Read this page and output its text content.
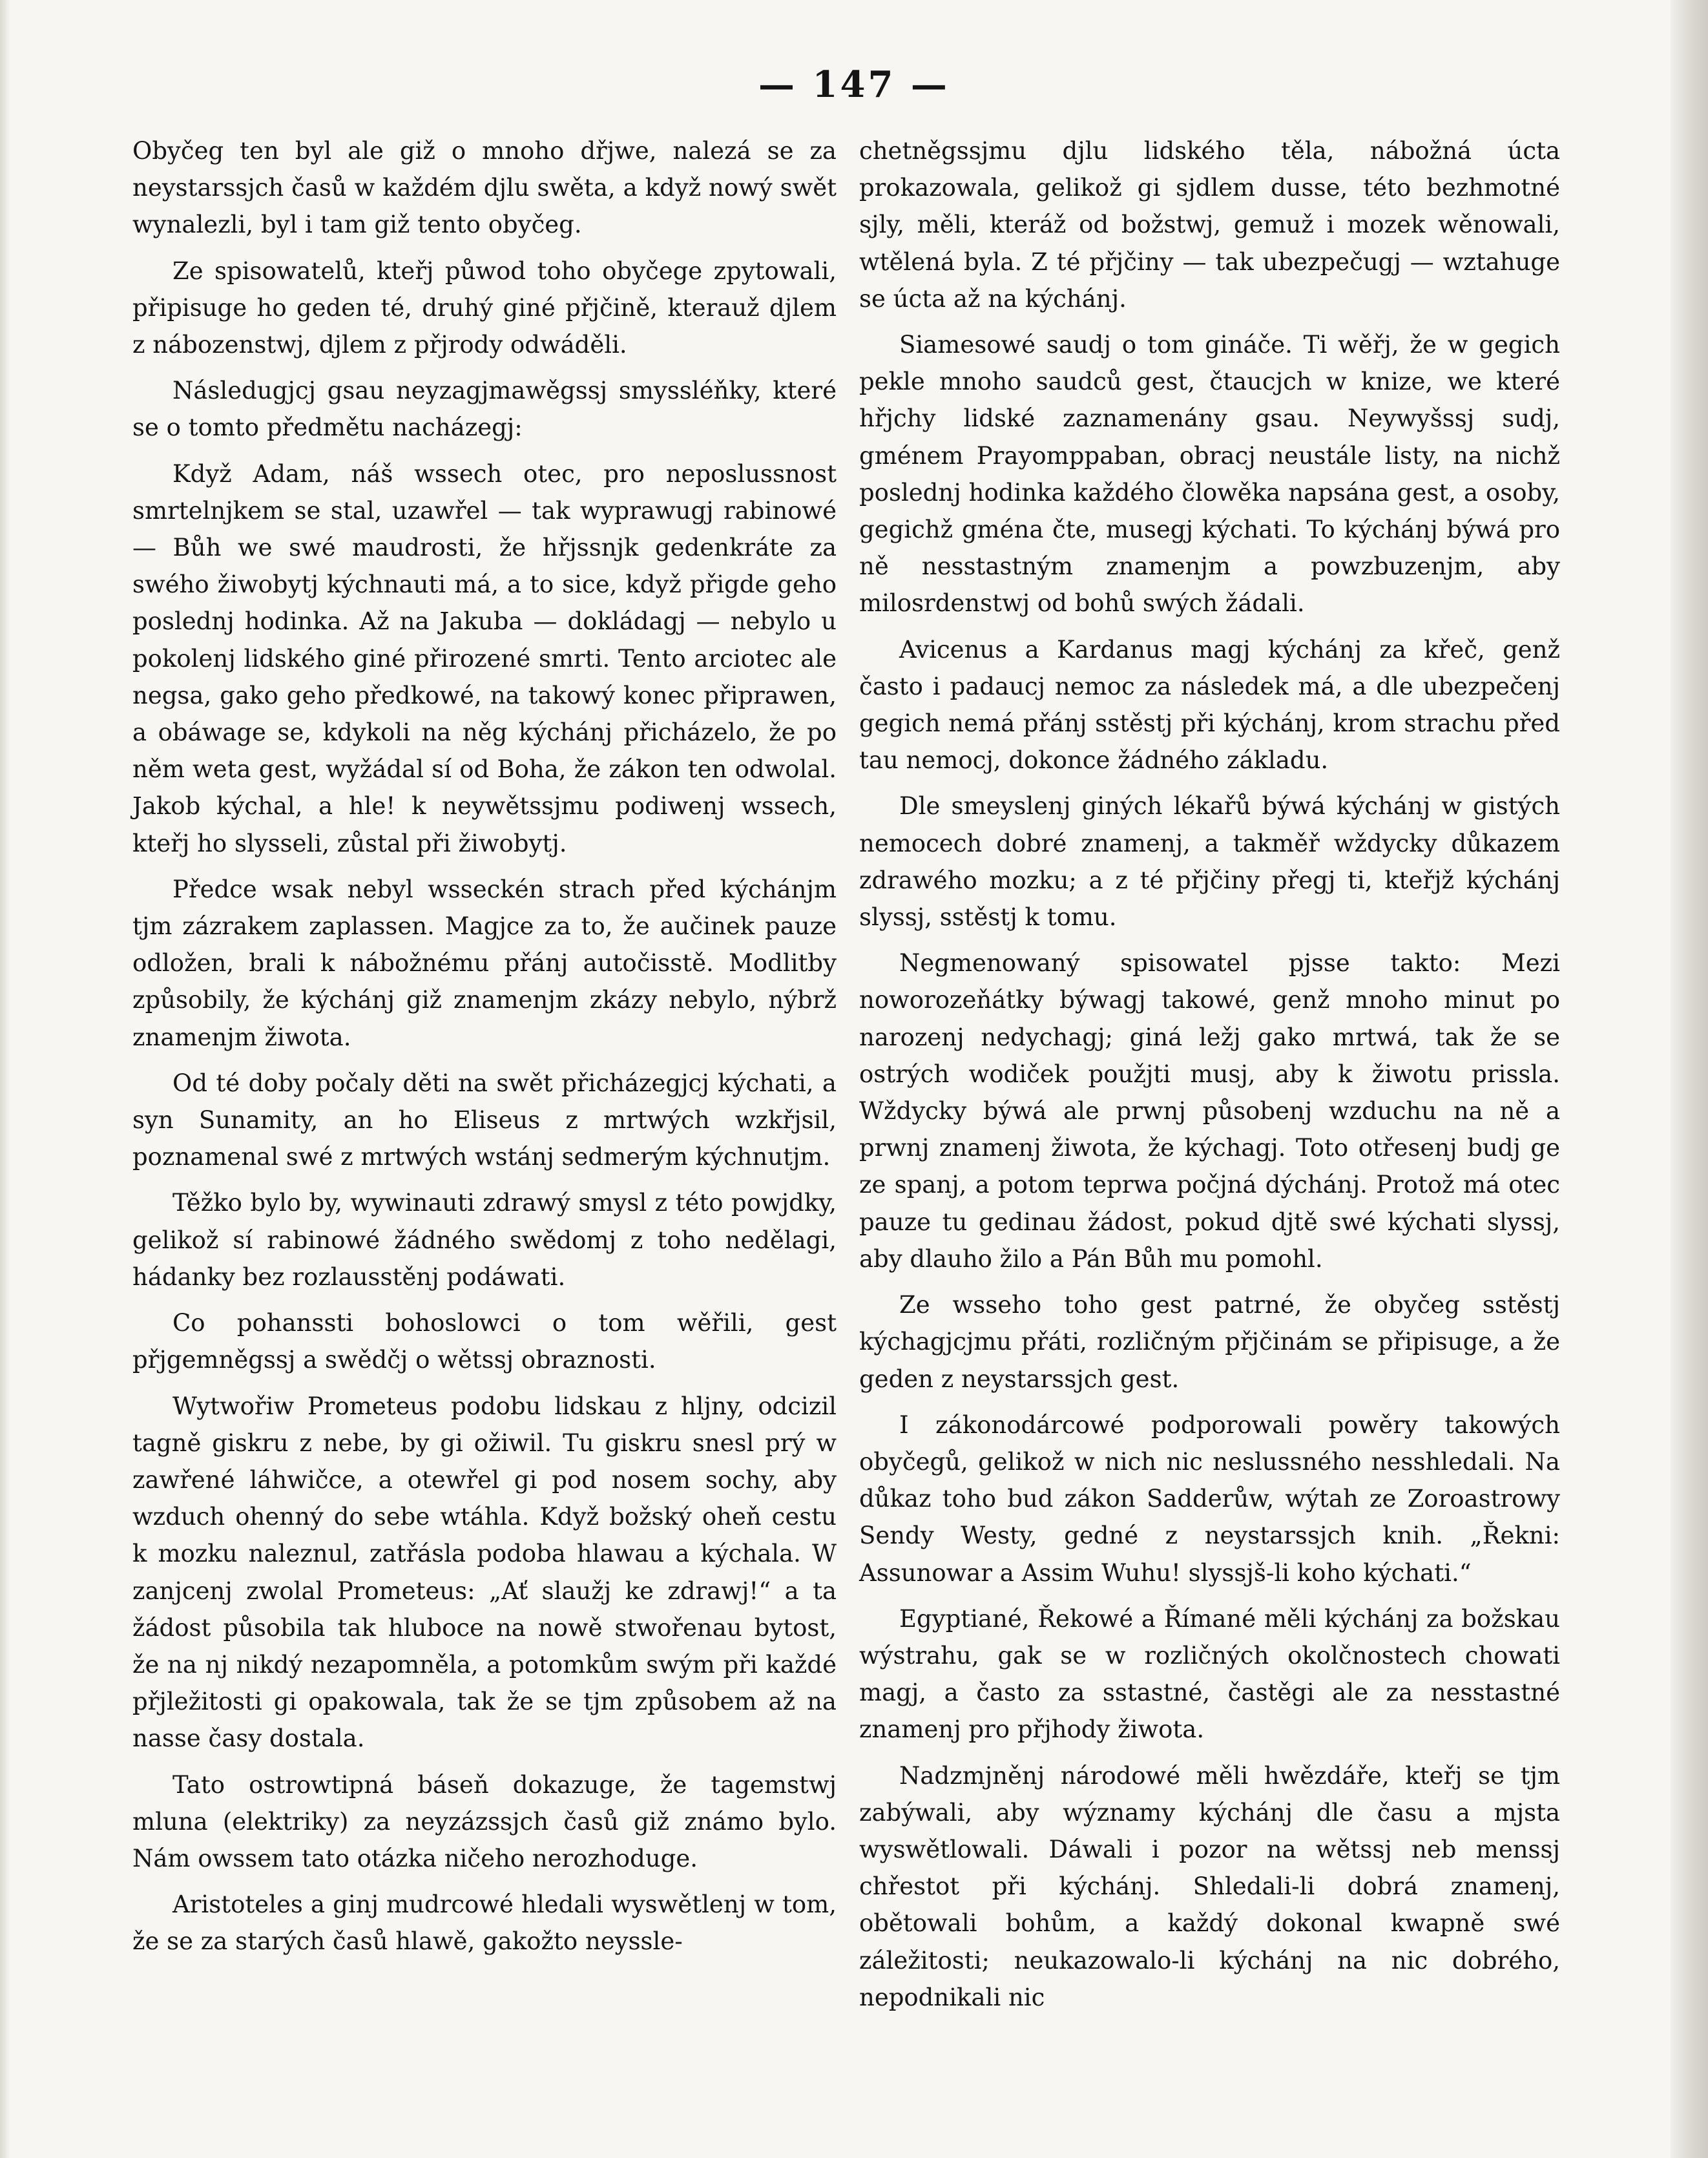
— 147 —

Obyčeg ten byl ale giž o mnoho dřjwe, nalezá se za neystarssjch časů w každém djlu swěta, a když nowý swět wynalezli, byl i tam giž tento obyčeg.

Ze spisowatelů, kteřj půwod toho obyčege zpytowali, připisuge ho geden té, druhý giné přjčině, kterauž djlem z nábozenstwj, djlem z přjrody odwáděli.

Následugjcj gsau neyzagjmawěgssj smyssléňky, které se o tomto předmětu nacházegj:

Když Adam, náš wssech otec, pro neposlussnost smrtelnjkem se stal, uzawřel — tak wyprawugj rabinowé — Bůh we swé maudrosti, že hřjssnjk gedenkráte za swého žiwobytj kýchnauti má, a to sice, když přigde geho poslednj hodinka. Až na Jakuba — dokládagj — nebylo u pokolenj lidského giné přirozené smrti. Tento arciotec ale negsa, gako geho předkowé, na takowý konec připrawen, a obáwage se, kdykoli na něg kýchánj přicházelo, že po něm weta gest, wyžádal sí od Boha, že zákon ten odwolal. Jakob kýchal, a hle! k neywětssjmu podiwenj wssech, kteřj ho slysseli, zůstal při žiwobytj.

Předce wsak nebyl wsseckén strach před kýchánjm tjm zázrakem zaplassen. Magjce za to, že aučinek pauze odložen, brali k nábožnému přánj autočisstě. Modlitby způsobily, že kýchánj giž znamenjm zkázy nebylo, nýbrž znamenjm žiwota.

Od té doby počaly děti na swět přicházegjcj kýchati, a syn Sunamity, an ho Eliseus z mrtwých wzkřjsil, poznamenal swé z mrtwých wstánj sedmerým kýchnutjm.

Těžko bylo by, wywinauti zdrawý smysl z této powjdky, gelikož sí rabinowé žádného swědomj z toho nedělagi, hádanky bez rozlausstěnj podáwati.

Co pohanssti bohoslowci o tom wěřili, gest přjgemněgssj a swědčj o wětssj obraznosti.

Wytwořiw Prometeus podobu lidskau z hljny, odcizil tagně giskru z nebe, by gi ožiwil. Tu giskru snesl prý w zawřené láhwičce, a otewřel gi pod nosem sochy, aby wzduch ohenný do sebe wtáhla. Když božský oheň cestu k mozku naleznul, zatřásla podoba hlawau a kýchala. W zanjcenj zwolal Prometeus: „Ať slaužj ke zdrawj!“ a ta žádost působila tak hluboce na nowě stwořenau bytost, že na nj nikdý nezapomněla, a potomkům swým při každé přjležitosti gi opakowala, tak že se tjm způsobem až na nasse časy dostala.

Tato ostrowtipná báseň dokazuge, že tagemstwj mluna (elektriky) za neyzázssjch časů giž známo bylo. Nám owssem tato otázka ničeho nerozhoduge.

Aristoteles a ginj mudrcowé hledali wyswětlenj w tom, že se za starých časů hlawě, gakožto neyssle-

chetněgssjmu djlu lidského těla, nábožná úcta prokazowala, gelikož gi sjdlem dusse, této bezhmotné sjly, měli, kteráž od božstwj, gemuž i mozek wěnowali, wtělená byla. Z té přjčiny — tak ubezpečugj — wztahuge se úcta až na kýchánj.

Siamesowé saudj o tom gináče. Ti wěřj, že w gegich pekle mnoho saudců gest, čtaucjch w knize, we které hřjchy lidské zaznamenány gsau. Neywyšssj sudj, gménem Prayomppaban, obracj neustále listy, na nichž poslednj hodinka každého člowěka napsána gest, a osoby, gegichž gména čte, musegj kýchati. To kýchánj býwá pro ně nesstastným znamenjm a powzbuzenjm, aby milosrdenstwj od bohů swých žádali.

Avicenus a Kardanus magj kýchánj za křeč, genž často i padaucj nemoc za následek má, a dle ubezpečenj gegich nemá přánj sstěstj při kýchánj, krom strachu před tau nemocj, dokonce žádného základu.

Dle smeyslenj giných lékařů býwá kýchánj w gistých nemocech dobré znamenj, a takměř wždycky důkazem zdrawého mozku; a z té přjčiny přegj ti, kteřjž kýchánj slyssj, sstěstj k tomu.

Negmenowaný spisowatel pjsse takto: Mezi noworozeňátky býwagj takowé, genž mnoho minut po narozenj nedychagj; giná ležj gako mrtwá, tak že se ostrých wodiček použjti musj, aby k žiwotu prissla. Wždycky býwá ale prwnj působenj wzduchu na ně a prwnj znamenj žiwota, že kýchagj. Toto otřesenj budj ge ze spanj, a potom teprwa počjná dýchánj. Protož má otec pauze tu gedinau žádost, pokud djtě swé kýchati slyssj, aby dlauho žilo a Pán Bůh mu pomohl.

Ze wsseho toho gest patrné, že obyčeg sstěstj kýchagjcjmu přáti, rozličným přjčinám se připisuge, a že geden z neystarssjch gest.

I zákonodárcowé podporowali powěry takowých obyčegů, gelikož w nich nic neslussného nesshledali. Na důkaz toho bud zákon Sadderůw, wýtah ze Zoroastrowy Sendy Westy, gedné z neystarssjch knih. „Řekni: Assunowar a Assim Wuhu! slyssjš-li koho kýchati.“

Egyptiané, Řekowé a Římané měli kýchánj za božskau wýstrahu, gak se w rozličných okolčnostech chowati magj, a často za sstastné, častěgi ale za nesstastné znamenj pro přjhody žiwota.

Nadzmjněnj národowé měli hwězdáře, kteřj se tjm zabýwali, aby wýznamy kýchánj dle času a mjsta wyswětlowali. Dáwali i pozor na wětssj neb menssj chřestot při kýchánj. Shledali-li dobrá znamenj, obětowali bohům, a každý dokonal kwapně swé záležitosti; neukazowalo-li kýchánj na nic dobrého, nepodnikali nic
